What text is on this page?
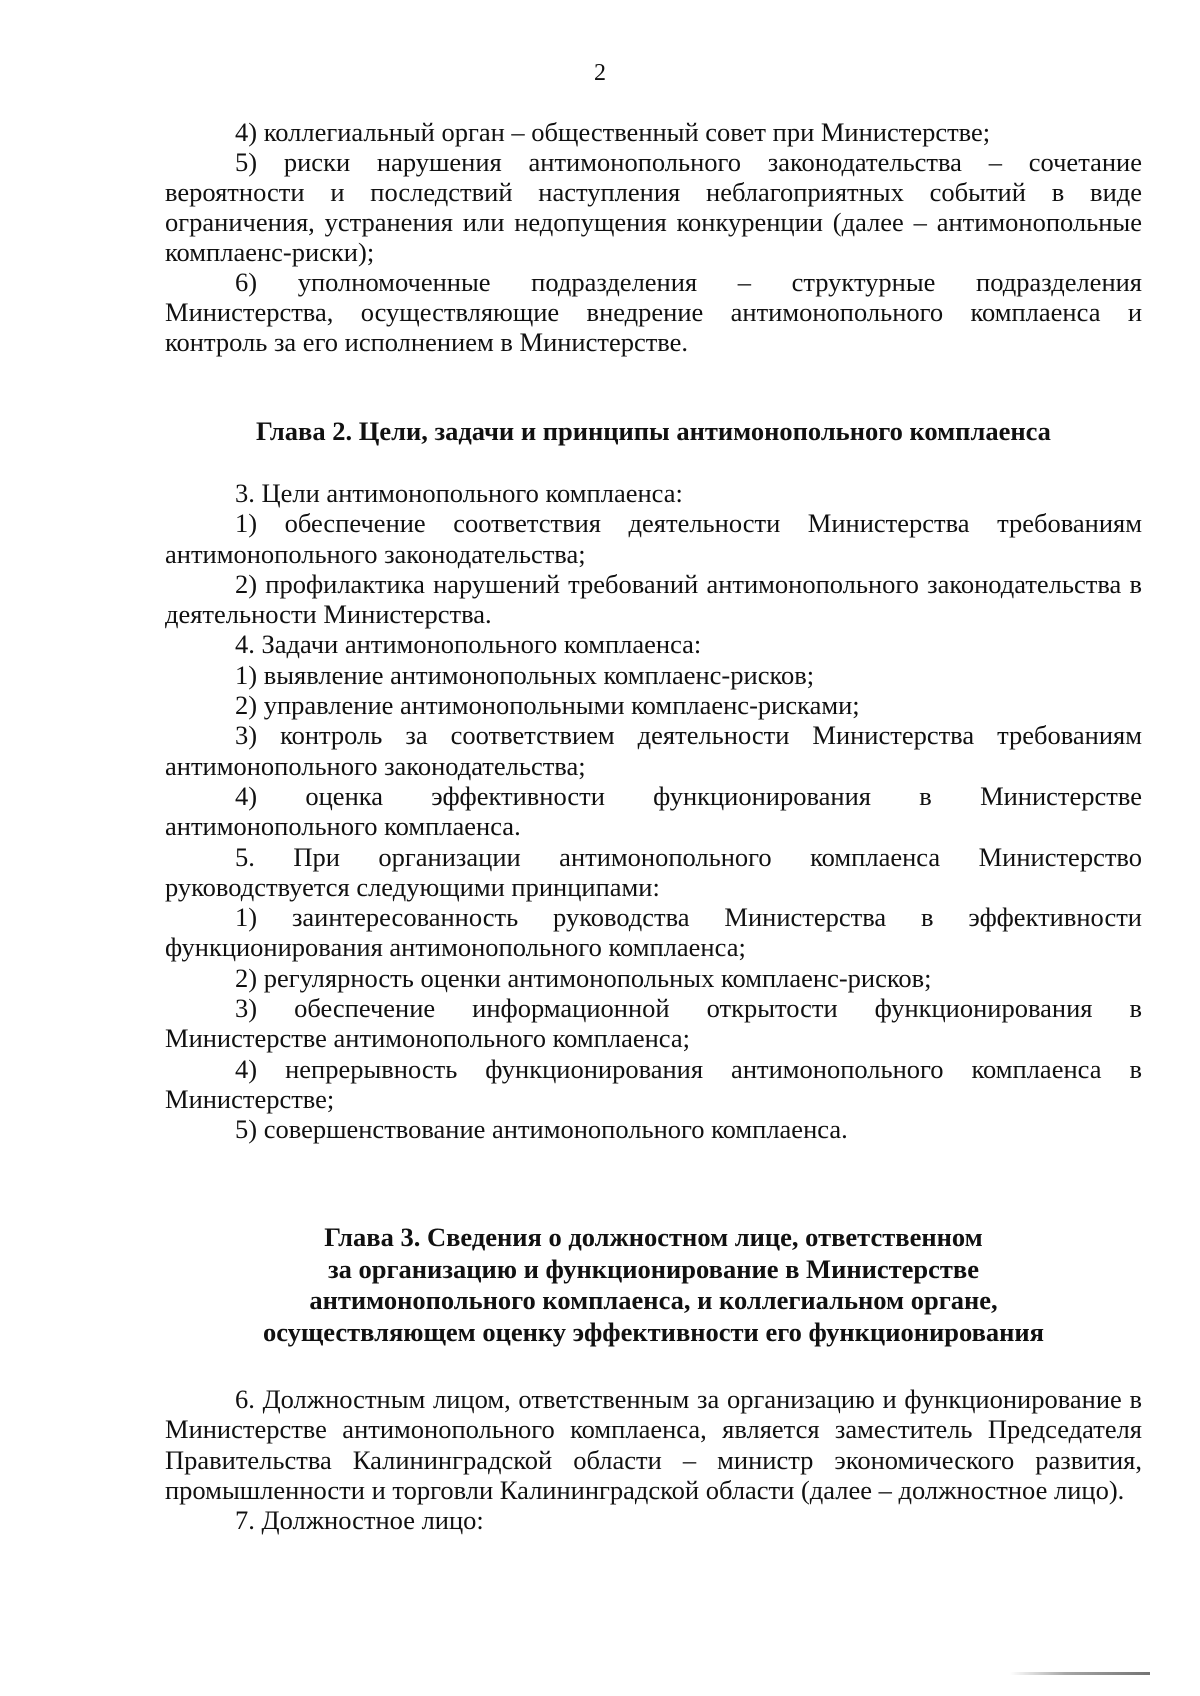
2

4) коллегиальный орган – общественный совет при Министерстве;

5) риски нарушения антимонопольного законодательства – сочетание вероятности и последствий наступления неблагоприятных событий в виде ограничения, устранения или недопущения конкуренции (далее – антимонопольные комплаенс-риски);

6) уполномоченные подразделения – структурные подразделения Министерства, осуществляющие внедрение антимонопольного комплаенса и контроль за его исполнением в Министерстве.

Глава 2. Цели, задачи и принципы антимонопольного комплаенса

3. Цели антимонопольного комплаенса:

1) обеспечение соответствия деятельности Министерства требованиям антимонопольного законодательства;

2) профилактика нарушений требований антимонопольного законодательства в деятельности Министерства.

4. Задачи антимонопольного комплаенса:

1) выявление антимонопольных комплаенс-рисков;

2) управление антимонопольными комплаенс-рисками;

3) контроль за соответствием деятельности Министерства требованиям антимонопольного законодательства;

4) оценка эффективности функционирования в Министерстве антимонопольного комплаенса.

5. При организации антимонопольного комплаенса Министерство руководствуется следующими принципами:

1) заинтересованность руководства Министерства в эффективности функционирования антимонопольного комплаенса;

2) регулярность оценки антимонопольных комплаенс-рисков;

3) обеспечение информационной открытости функционирования в Министерстве антимонопольного комплаенса;

4) непрерывность функционирования антимонопольного комплаенса в Министерстве;

5) совершенствование антимонопольного комплаенса.

Глава 3. Сведения о должностном лице, ответственном
за организацию и функционирование в Министерстве
антимонопольного комплаенса, и коллегиальном органе,
осуществляющем оценку эффективности его функционирования

6. Должностным лицом, ответственным за организацию и функционирование в Министерстве антимонопольного комплаенса, является заместитель Председателя Правительства Калининградской области – министр экономического развития, промышленности и торговли Калининградской области (далее – должностное лицо).

7. Должностное лицо:
